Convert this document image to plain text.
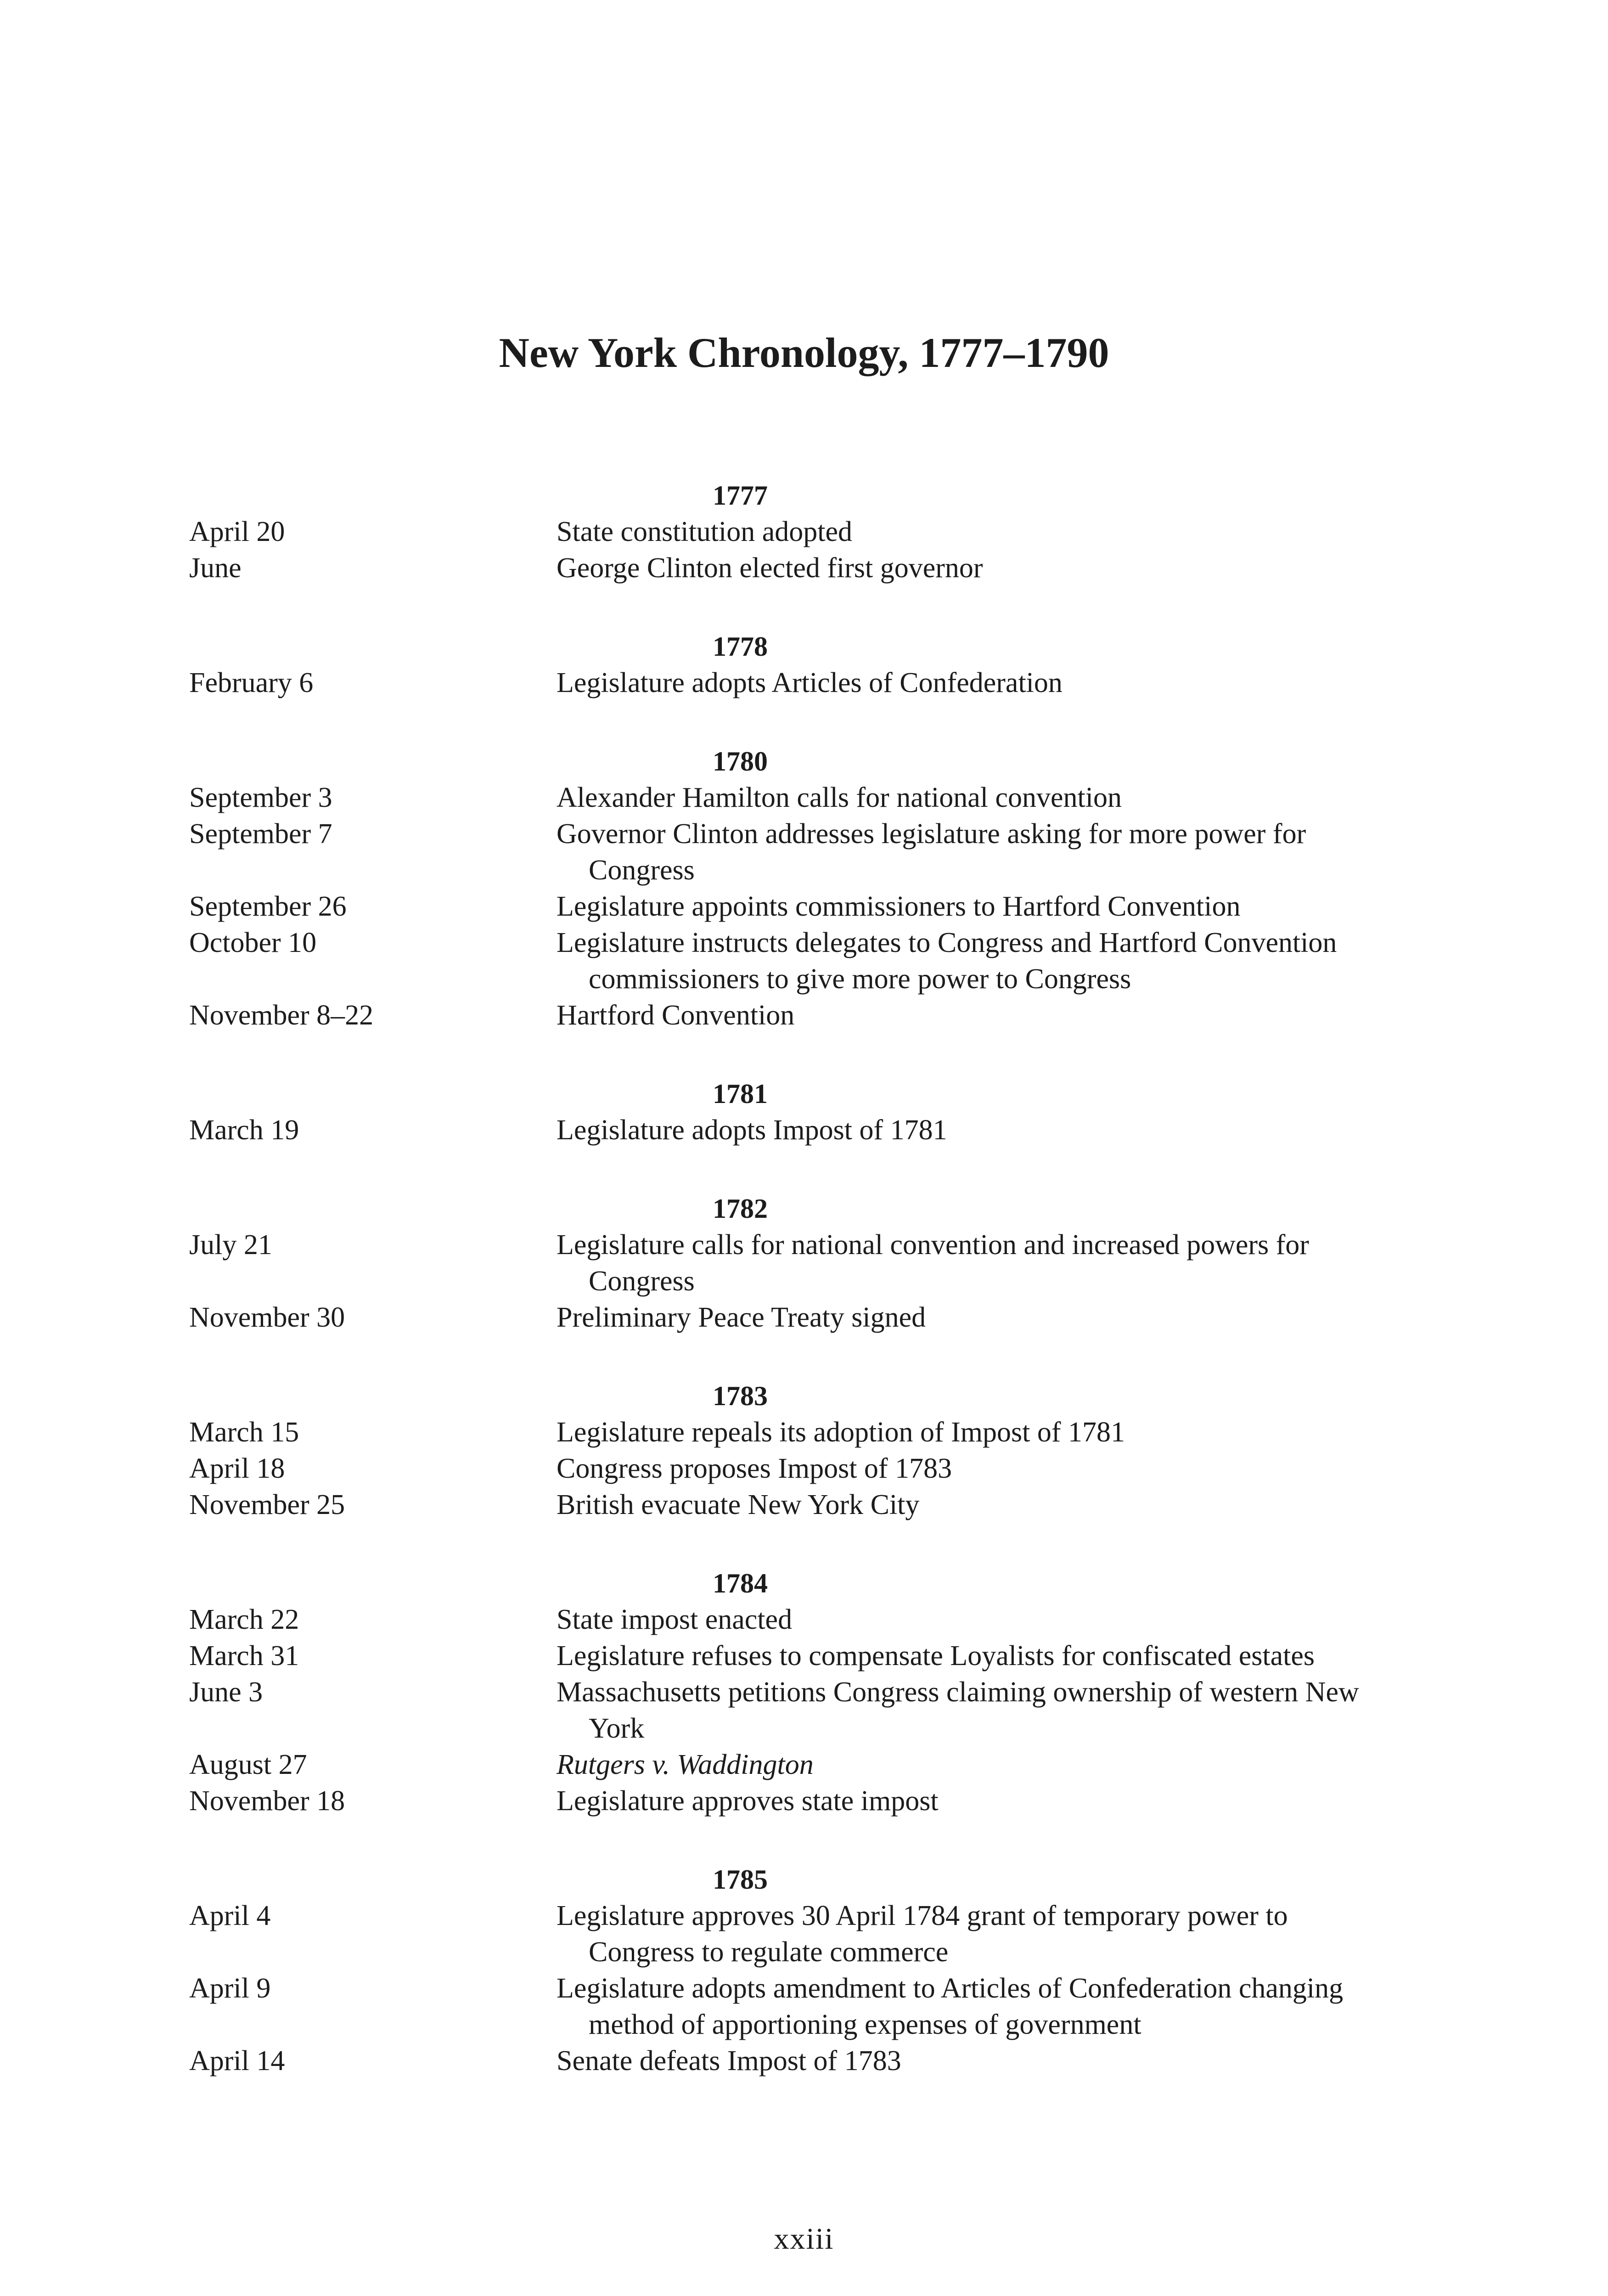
New York Chronology, 1777–1790
1777
April 20	State constitution adopted
June	George Clinton elected first governor
1778
February 6	Legislature adopts Articles of Confederation
1780
September 3	Alexander Hamilton calls for national convention
September 7	Governor Clinton addresses legislature asking for more power for Congress
September 26	Legislature appoints commissioners to Hartford Convention
October 10	Legislature instructs delegates to Congress and Hartford Convention commissioners to give more power to Congress
November 8–22	Hartford Convention
1781
March 19	Legislature adopts Impost of 1781
1782
July 21	Legislature calls for national convention and increased powers for Congress
November 30	Preliminary Peace Treaty signed
1783
March 15	Legislature repeals its adoption of Impost of 1781
April 18	Congress proposes Impost of 1783
November 25	British evacuate New York City
1784
March 22	State impost enacted
March 31	Legislature refuses to compensate Loyalists for confiscated estates
June 3	Massachusetts petitions Congress claiming ownership of western New York
August 27	Rutgers v. Waddington
November 18	Legislature approves state impost
1785
April 4	Legislature approves 30 April 1784 grant of temporary power to Congress to regulate commerce
April 9	Legislature adopts amendment to Articles of Confederation changing method of apportioning expenses of government
April 14	Senate defeats Impost of 1783
xxiii
